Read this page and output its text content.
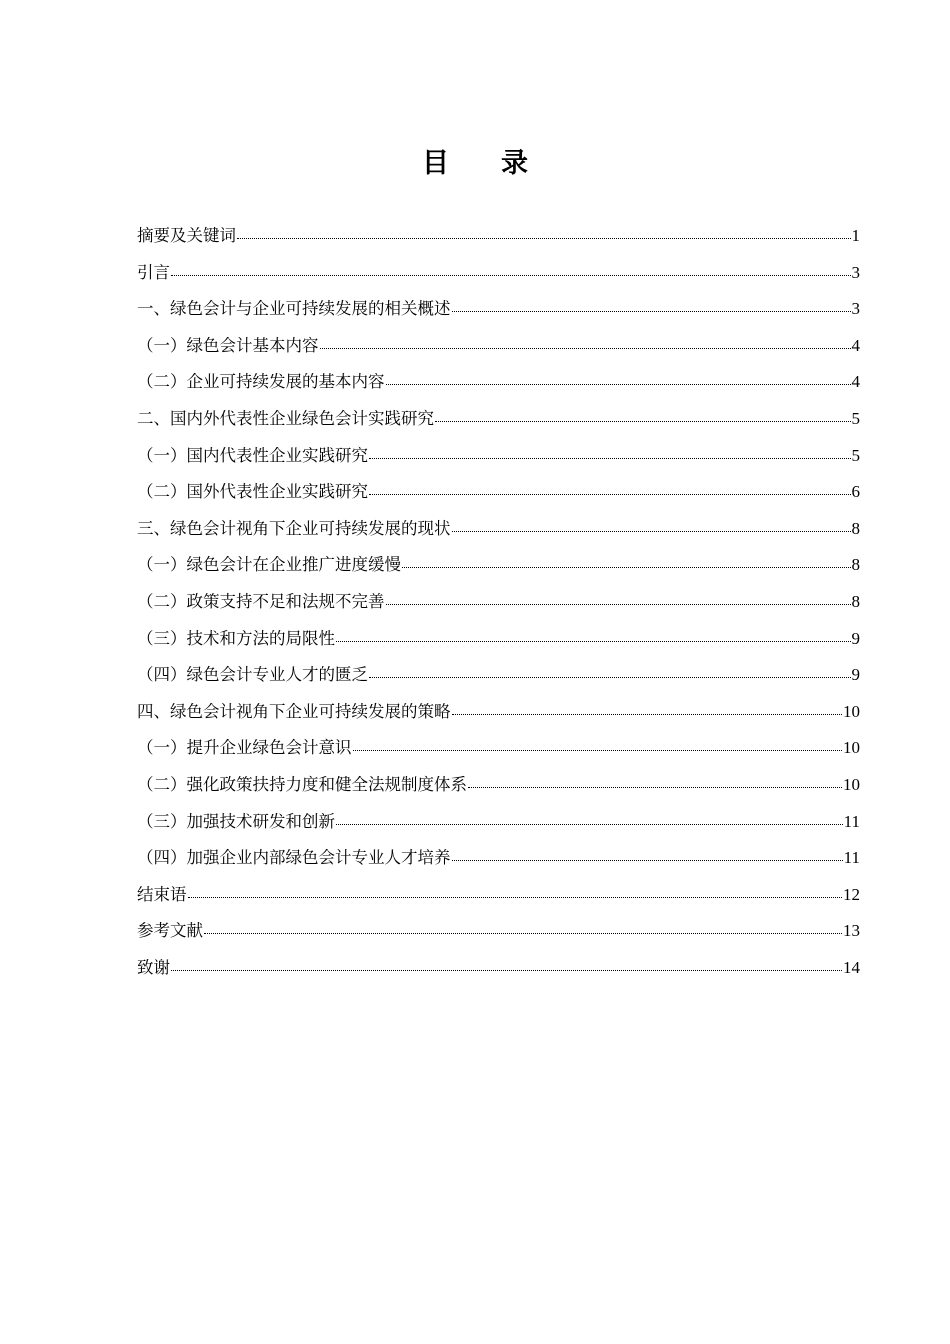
目 录
摘要及关键词	1
引言	3
一、绿色会计与企业可持续发展的相关概述	3
（一）绿色会计基本内容	4
（二）企业可持续发展的基本内容	4
二、国内外代表性企业绿色会计实践研究	5
（一）国内代表性企业实践研究	5
（二）国外代表性企业实践研究	6
三、绿色会计视角下企业可持续发展的现状	8
（一）绿色会计在企业推广进度缓慢	8
（二）政策支持不足和法规不完善	8
（三）技术和方法的局限性	9
（四）绿色会计专业人才的匮乏	9
四、绿色会计视角下企业可持续发展的策略	10
（一）提升企业绿色会计意识	10
（二）强化政策扶持力度和健全法规制度体系	10
（三）加强技术研发和创新	11
（四）加强企业内部绿色会计专业人才培养	11
结束语	12
参考文献	13
致谢	14
